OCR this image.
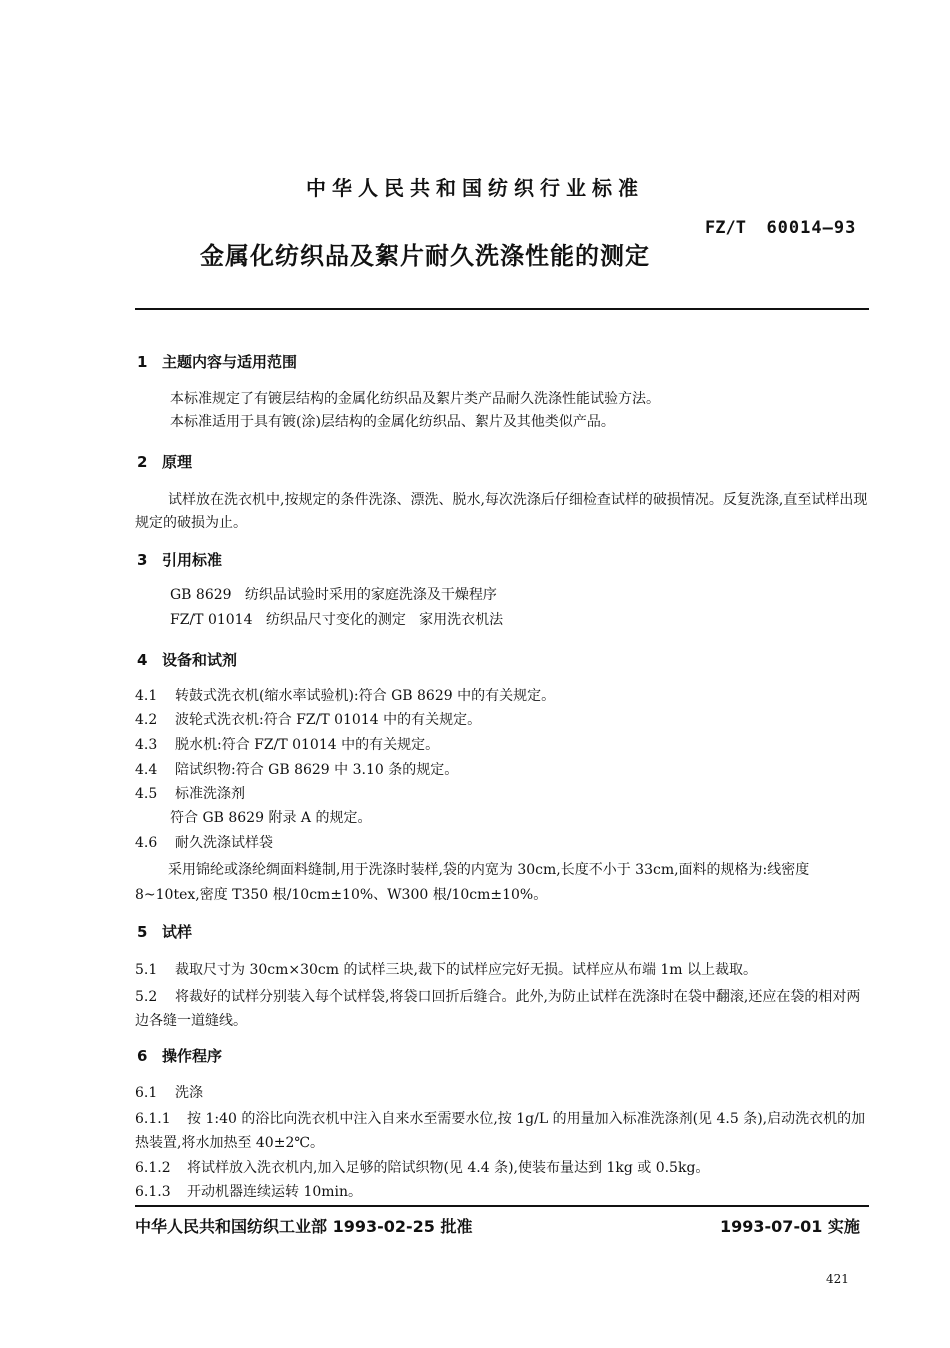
中华人民共和国纺织行业标准
FZ/T 60014—93
金属化纺织品及絮片耐久洗涤性能的测定
1 主题内容与适用范围
本标准规定了有镀层结构的金属化纺织品及絮片类产品耐久洗涤性能试验方法。
本标准适用于具有镀(涂)层结构的金属化纺织品、絮片及其他类似产品。
2 原理
试样放在洗衣机中,按规定的条件洗涤、漂洗、脱水,每次洗涤后仔细检查试样的破损情况。反复洗涤,直至试样出现规定的破损为止。
3 引用标准
GB 8629   纺织品试验时采用的家庭洗涤及干燥程序
FZ/T 01014   纺织品尺寸变化的测定   家用洗衣机法
4 设备和试剂
4.1 转鼓式洗衣机(缩水率试验机):符合 GB 8629 中的有关规定。
4.2 波轮式洗衣机:符合 FZ/T 01014 中的有关规定。
4.3 脱水机:符合 FZ/T 01014 中的有关规定。
4.4 陪试织物:符合 GB 8629 中 3.10 条的规定。
4.5 标准洗涤剂
符合 GB 8629 附录 A 的规定。
4.6 耐久洗涤试样袋
采用锦纶或涤纶绸面料缝制,用于洗涤时装样,袋的内宽为 30cm,长度不小于 33cm,面料的规格为:线密度 8~10tex,密度 T350 根/10cm±10%、W300 根/10cm±10%。
5 试样
5.1 裁取尺寸为 30cm×30cm 的试样三块,裁下的试样应完好无损。试样应从布端 1m 以上裁取。
5.2 将裁好的试样分别装入每个试样袋,将袋口回折后缝合。此外,为防止试样在洗涤时在袋中翻滚,还应在袋的相对两边各缝一道缝线。
6 操作程序
6.1 洗涤
6.1.1 按 1:40 的浴比向洗衣机中注入自来水至需要水位,按 1g/L 的用量加入标准洗涤剂(见 4.5 条),启动洗衣机的加热装置,将水加热至 40±2℃。
6.1.2 将试样放入洗衣机内,加入足够的陪试织物(见 4.4 条),使装布量达到 1kg 或 0.5kg。
6.1.3 开动机器连续运转 10min。
中华人民共和国纺织工业部 1993-02-25 批准	1993-07-01 实施
421
